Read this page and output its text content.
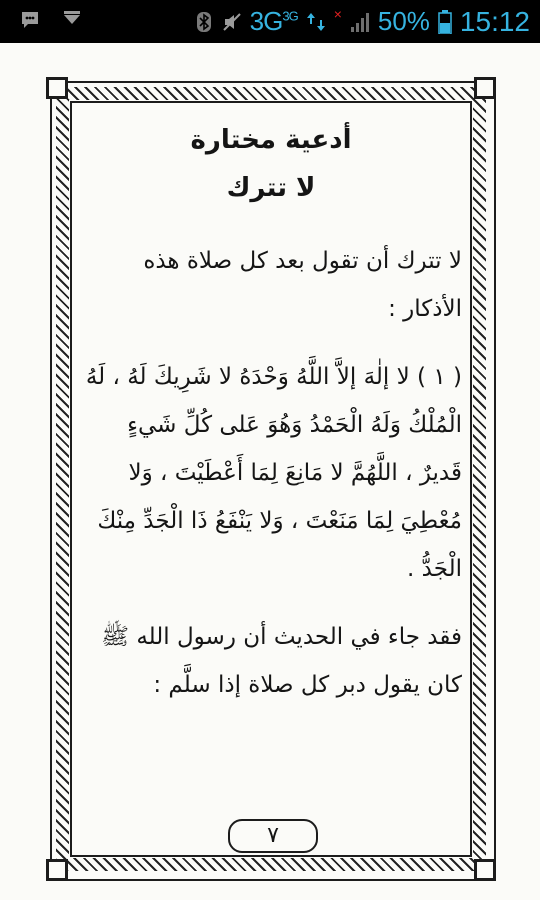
$3G^{3G}$	× 50% 15:12
أدعية مختارة
لا تترك

لا تترك أن تقول بعد كل صلاة هذه الأذكار :

( ١ ) لا إلٰهَ إلاَّ اللَّهُ وَحْدَهُ لا شَرِيكَ لَهُ ، لَهُ الْمُلْكُ وَلَهُ الْحَمْدُ وَهُوَ عَلى كُلِّ شَيءٍ قَديرٌ ، اللَّهُمَّ لا مَانِعَ لِمَا أَعْطَيْتَ ، وَلا مُعْطِيَ لِمَا مَنَعْتَ ، وَلا يَنْفَعُ ذَا الْجَدِّ مِنْكَ الْجَدُّ .

فقد جاء في الحديث أن رسول الله ﷺ كان يقول دبر كل صلاة إذا سلَّم :

٧
